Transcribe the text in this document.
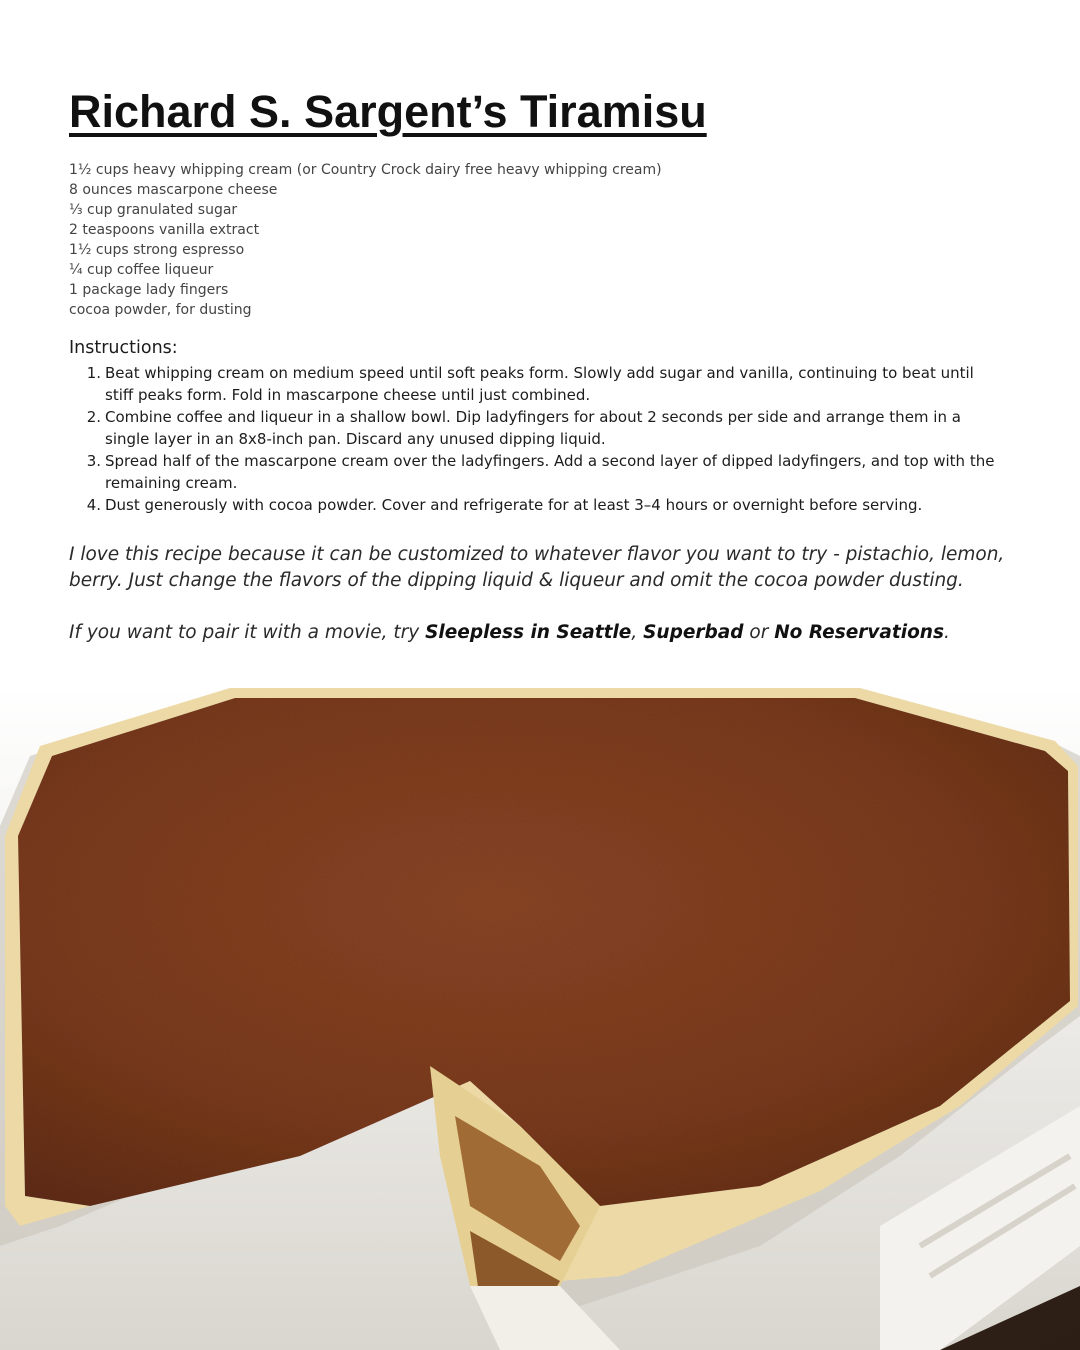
Richard S. Sargent’s Tiramisu
1½ cups heavy whipping cream (or Country Crock dairy free heavy whipping cream)
8 ounces mascarpone cheese
⅓ cup granulated sugar
2 teaspoons vanilla extract
1½ cups strong espresso
¼ cup coffee liqueur
1 package lady fingers
cocoa powder, for dusting
Instructions:
1. Beat whipping cream on medium speed until soft peaks form. Slowly add sugar and vanilla, continuing to beat until stiff peaks form. Fold in mascarpone cheese until just combined.
2. Combine coffee and liqueur in a shallow bowl. Dip ladyfingers for about 2 seconds per side and arrange them in a single layer in an 8x8-inch pan. Discard any unused dipping liquid.
3. Spread half of the mascarpone cream over the ladyfingers. Add a second layer of dipped ladyfingers, and top with the remaining cream.
4. Dust generously with cocoa powder. Cover and refrigerate for at least 3–4 hours or overnight before serving.

I love this recipe because it can be customized to whatever flavor you want to try - pistachio, lemon, berry. Just change the flavors of the dipping liquid & liqueur and omit the cocoa powder dusting.

If you want to pair it with a movie, try Sleepless in Seattle, Superbad or No Reservations.
